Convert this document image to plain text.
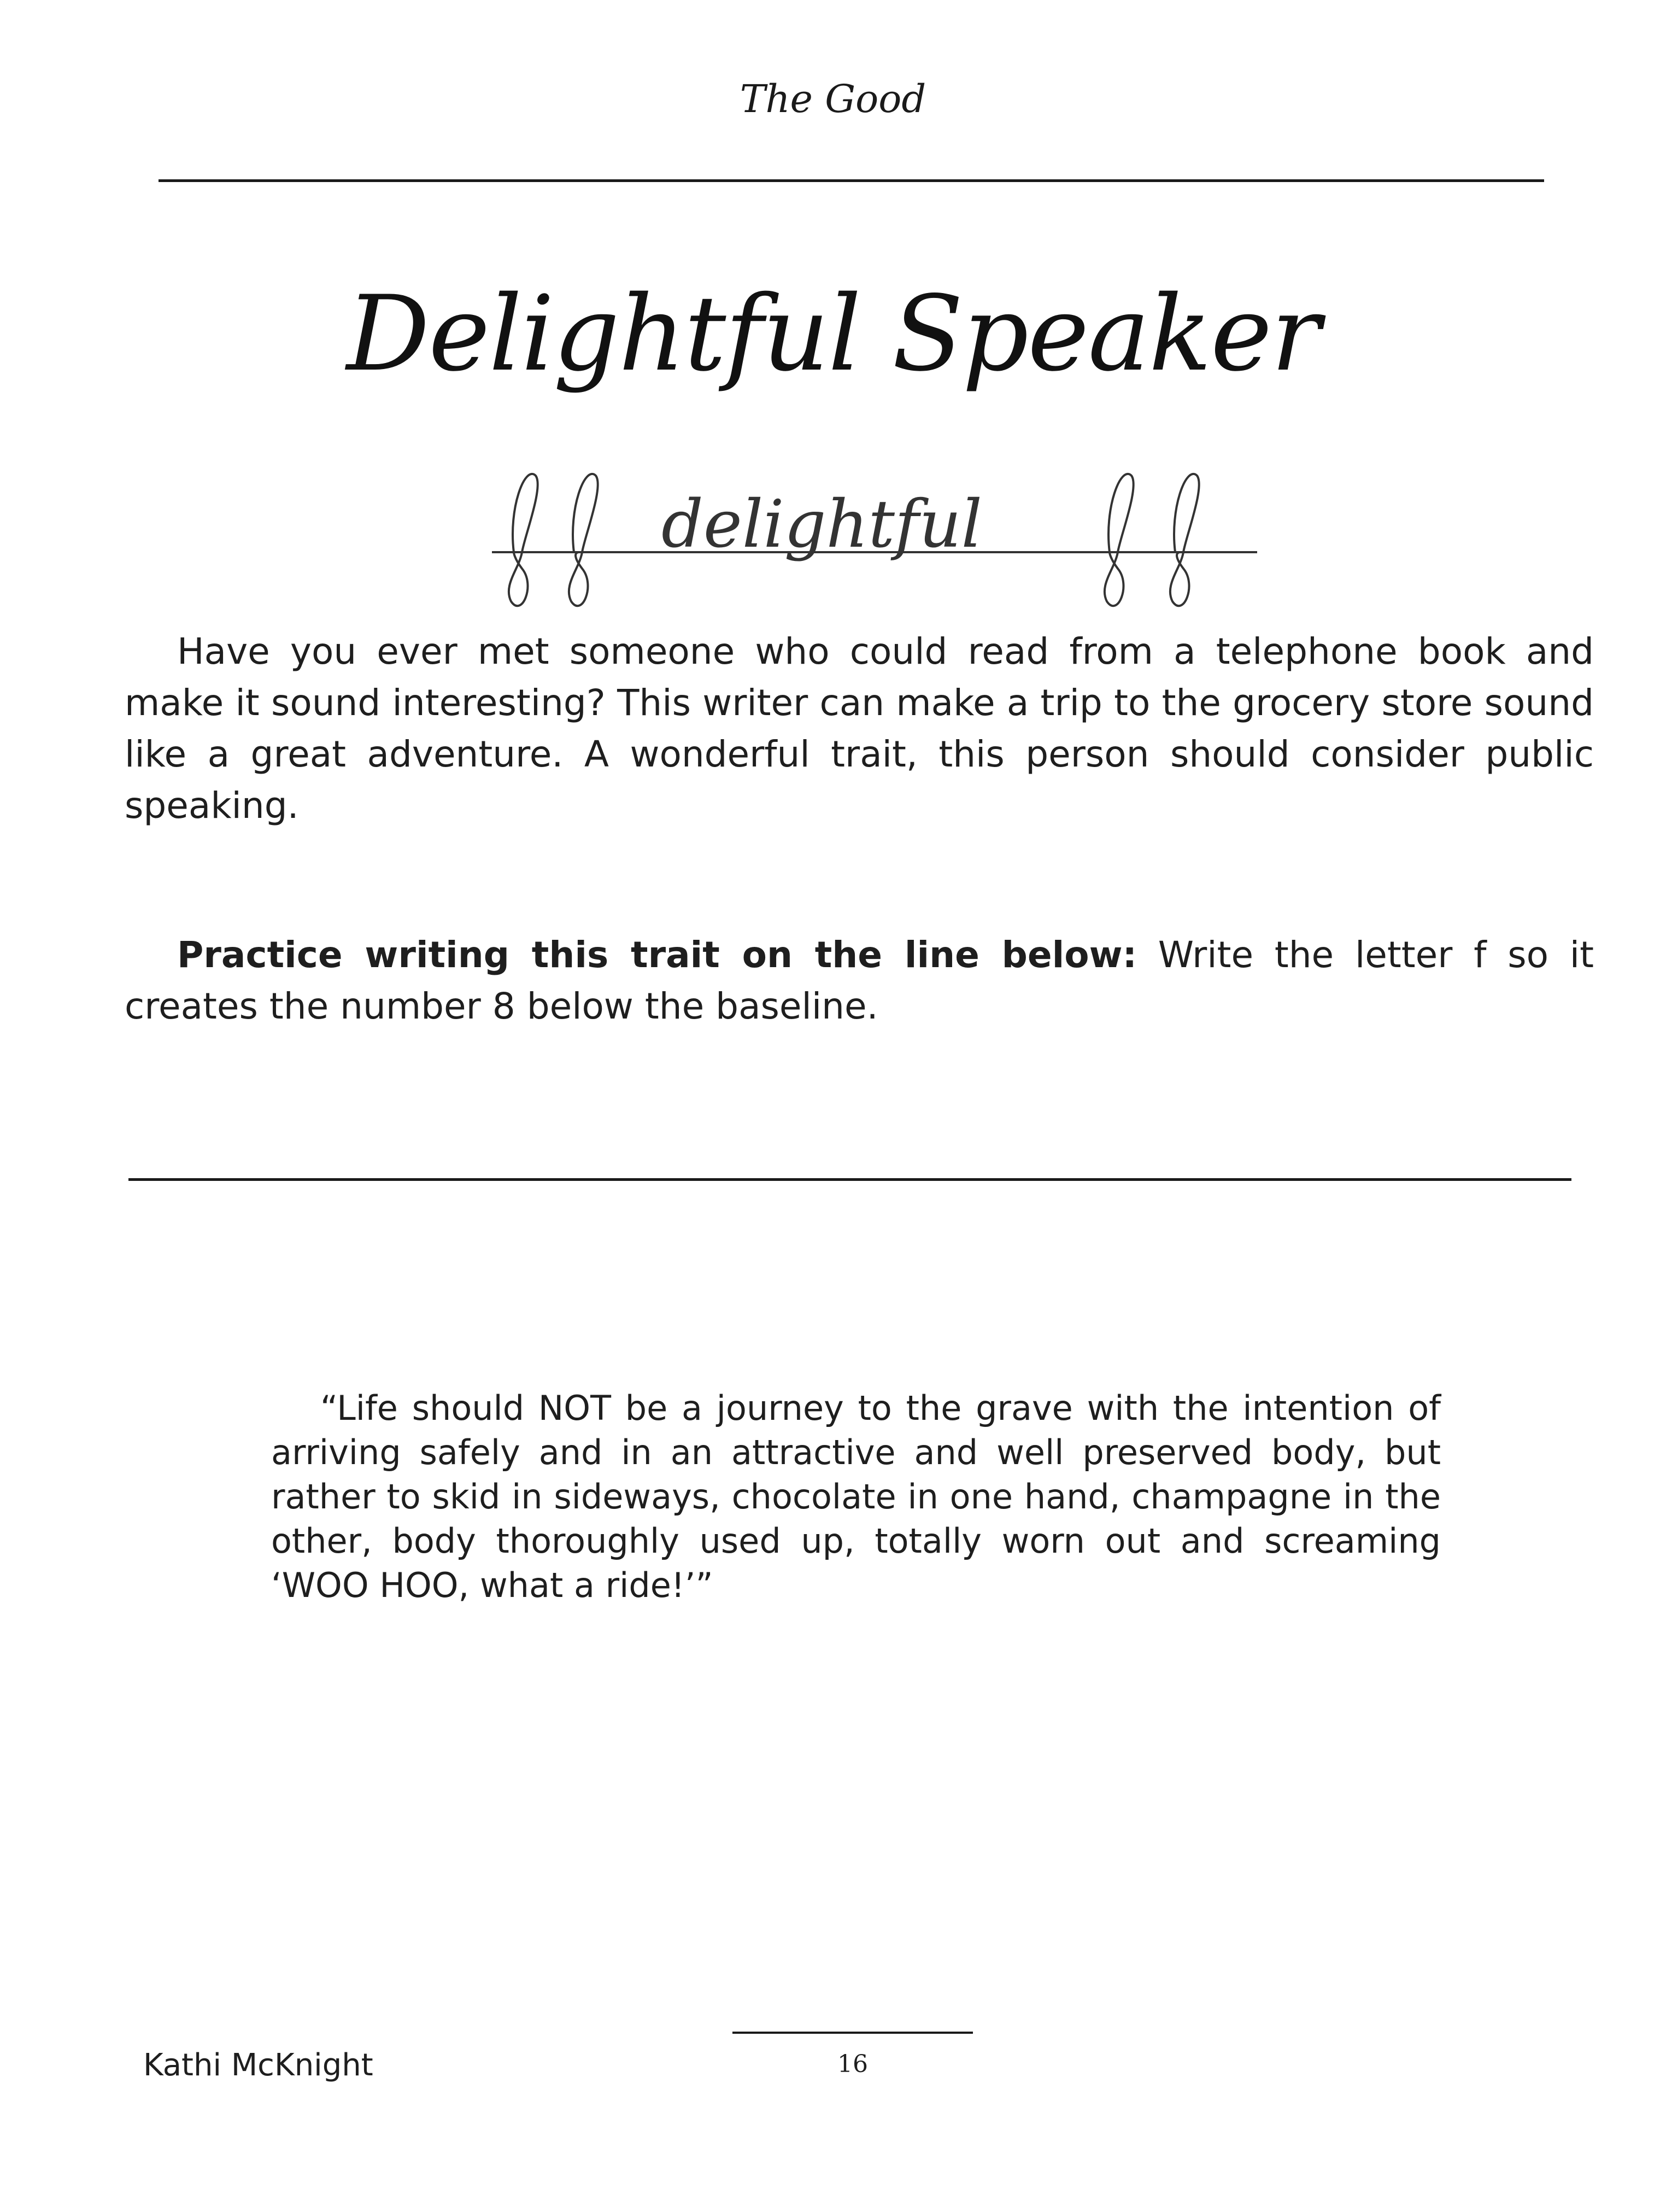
The Good
Delightful Speaker
delightful

Have you ever met someone who could read from a telephone book and make it sound interesting? This writer can make a trip to the grocery store sound like a great adventure. A wonderful trait, this person should consider public speaking.

Practice writing this trait on the line below: Write the letter f so it creates the number 8 below the baseline.

“Life should NOT be a journey to the grave with the intention of arriving safely and in an attractive and well preserved body, but rather to skid in sideways, chocolate in one hand, champagne in the other, body thoroughly used up, totally worn out and screaming ‘WOO HOO, what a ride!’”

Kathi McKnight	16
